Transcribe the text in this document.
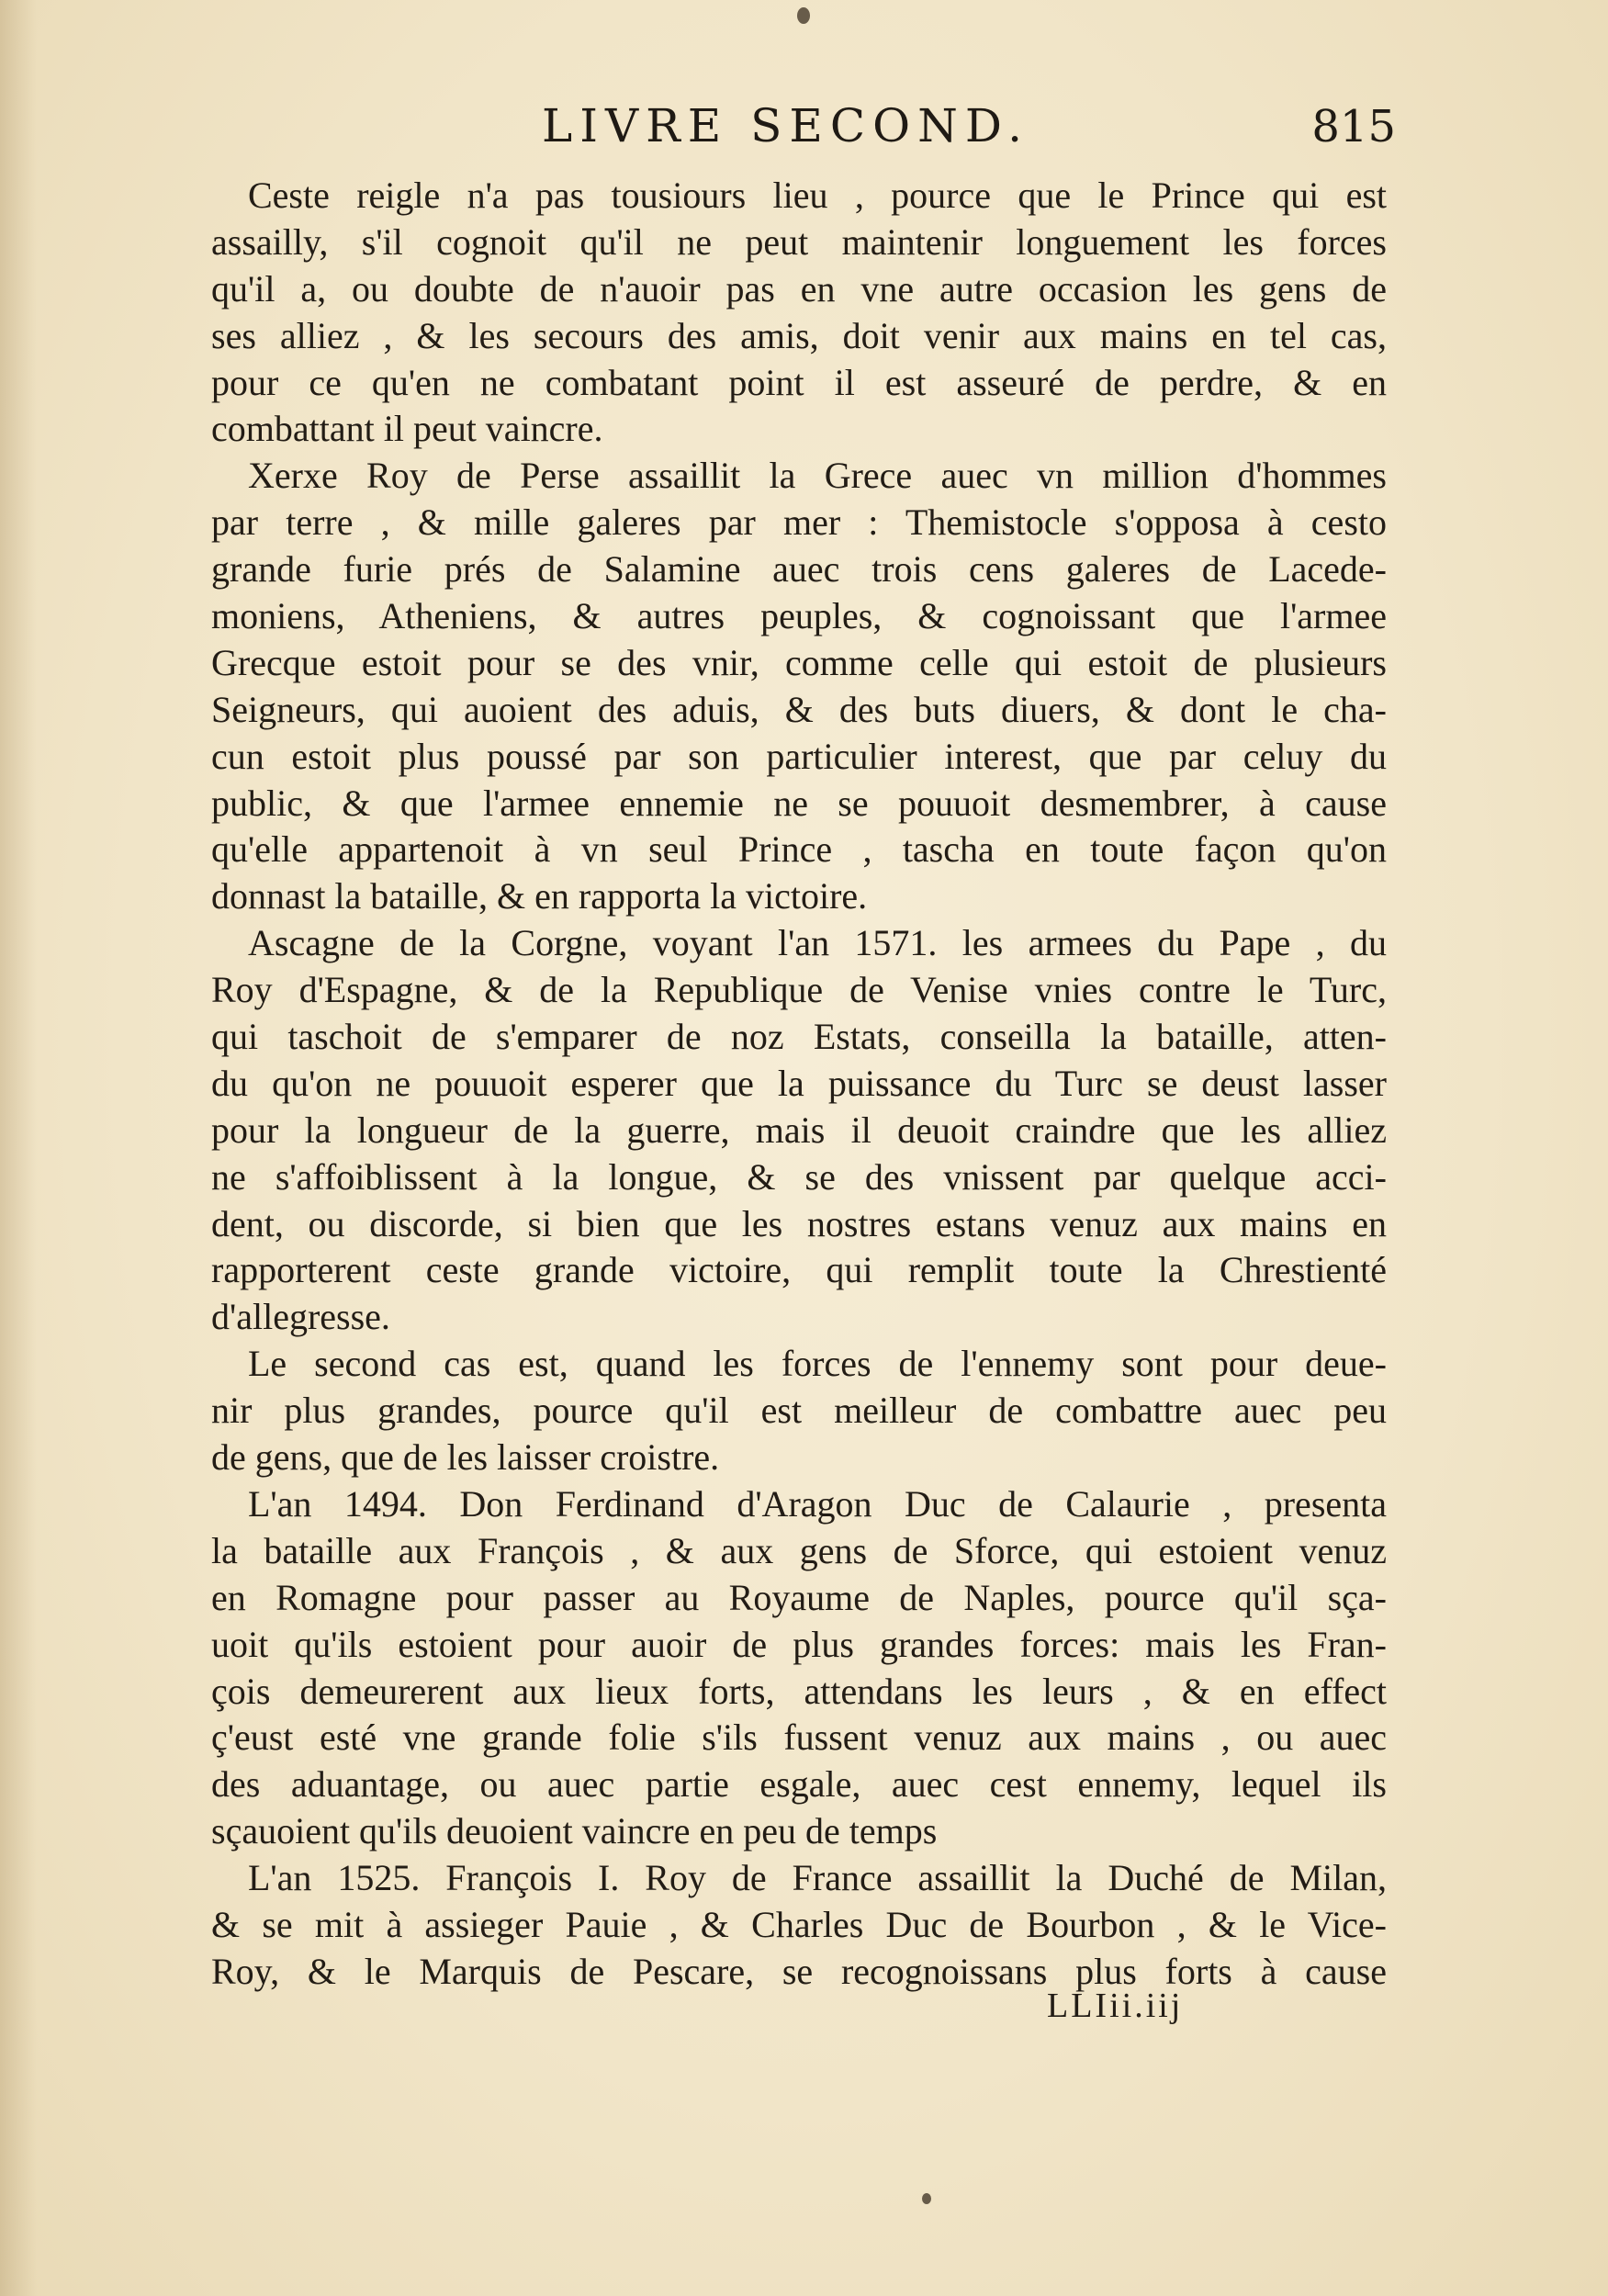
LIVRE SECOND.	815
Ceste reigle n'a pas tousiours lieu , pource que le Prince qui est
assailly, s'il cognoit qu'il ne peut maintenir longuement les forces
qu'il a, ou doubte de n'auoir pas en vne autre occasion les gens de
ses alliez , & les secours des amis, doit venir aux mains en tel cas,
pour ce qu'en ne combatant point il est asseuré de perdre, & en
combattant il peut vaincre.
Xerxe Roy de Perse assaillit la Grece auec vn million d'hommes
par terre , & mille galeres par mer : Themistocle s'opposa à cesto
grande furie prés de Salamine auec trois cens galeres de Lacede-
moniens, Atheniens, & autres peuples, & cognoissant que l'armee
Grecque estoit pour se des vnir, comme celle qui estoit de plusieurs
Seigneurs, qui auoient des aduis, & des buts diuers, & dont le cha-
cun estoit plus poussé par son particulier interest, que par celuy du
public, & que l'armee ennemie ne se pouuoit desmembrer, à cause
qu'elle appartenoit à vn seul Prince , tascha en toute façon qu'on
donnast la bataille, & en rapporta la victoire.
Ascagne de la Corgne, voyant l'an 1571. les armees du Pape , du
Roy d'Espagne, & de la Republique de Venise vnies contre le Turc,
qui taschoit de s'emparer de noz Estats, conseilla la bataille, atten-
du qu'on ne pouuoit esperer que la puissance du Turc se deust lasser
pour la longueur de la guerre, mais il deuoit craindre que les alliez
ne s'affoiblissent à la longue, & se des vnissent par quelque acci-
dent, ou discorde, si bien que les nostres estans venuz aux mains en
rapporterent ceste grande victoire, qui remplit toute la Chrestienté
d'allegresse.
Le second cas est, quand les forces de l'ennemy sont pour deue-
nir plus grandes, pource qu'il est meilleur de combattre auec peu
de gens, que de les laisser croistre.
L'an 1494. Don Ferdinand d'Aragon Duc de Calaurie , presenta
la bataille aux François , & aux gens de Sforce, qui estoient venuz
en Romagne pour passer au Royaume de Naples, pource qu'il sça-
uoit qu'ils estoient pour auoir de plus grandes forces: mais les Fran-
çois demeurerent aux lieux forts, attendans les leurs , & en effect
ç'eust esté vne grande folie s'ils fussent venuz aux mains , ou auec
des aduantage, ou auec partie esgale, auec cest ennemy, lequel ils
sçauoient qu'ils deuoient vaincre en peu de temps
L'an 1525. François I. Roy de France assaillit la Duché de Milan,
& se mit à assieger Pauie , & Charles Duc de Bourbon , & le Vice-
Roy, & le Marquis de Pescare, se recognoissans plus forts à cause
LLIii.iij
